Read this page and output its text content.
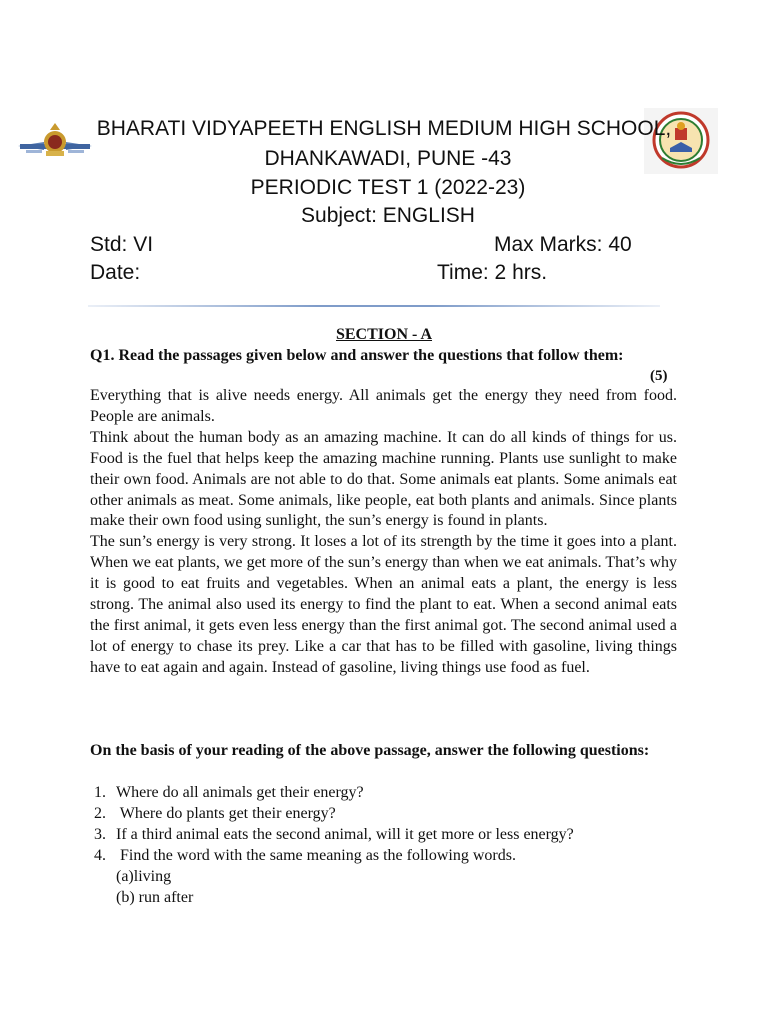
BHARATI VIDYAPEETH ENGLISH MEDIUM HIGH SCHOOL,
DHANKAWADI, PUNE -43
PERIODIC TEST 1 (2022-23)
Subject: ENGLISH
Std: VI	Max Marks: 40
Date:	Time: 2 hrs.
SECTION - A
Q1. Read the passages given below and answer the questions that follow them:
(5)

Everything that is alive needs energy. All animals get the energy they need from food. People are animals.

Think about the human body as an amazing machine. It can do all kinds of things for us. Food is the fuel that helps keep the amazing machine running. Plants use sunlight to make their own food. Animals are not able to do that. Some animals eat plants. Some animals eat other animals as meat. Some animals, like people, eat both plants and animals. Since plants make their own food using sunlight, the sun’s energy is found in plants.

The sun’s energy is very strong. It loses a lot of its strength by the time it goes into a plant. When we eat plants, we get more of the sun’s energy than when we eat animals. That’s why it is good to eat fruits and vegetables. When an animal eats a plant, the energy is less strong. The animal also used its energy to find the plant to eat. When a second animal eats the first animal, it gets even less energy than the first animal got. The second animal used a lot of energy to chase its prey. Like a car that has to be filled with gasoline, living things have to eat again and again. Instead of gasoline, living things use food as fuel.

On the basis of your reading of the above passage, answer the following questions:
1. Where do all animals get their energy?
2. Where do plants get their energy?
3. If a third animal eats the second animal, will it get more or less energy?
4. Find the word with the same meaning as the following words.
(a)living
(b) run after
